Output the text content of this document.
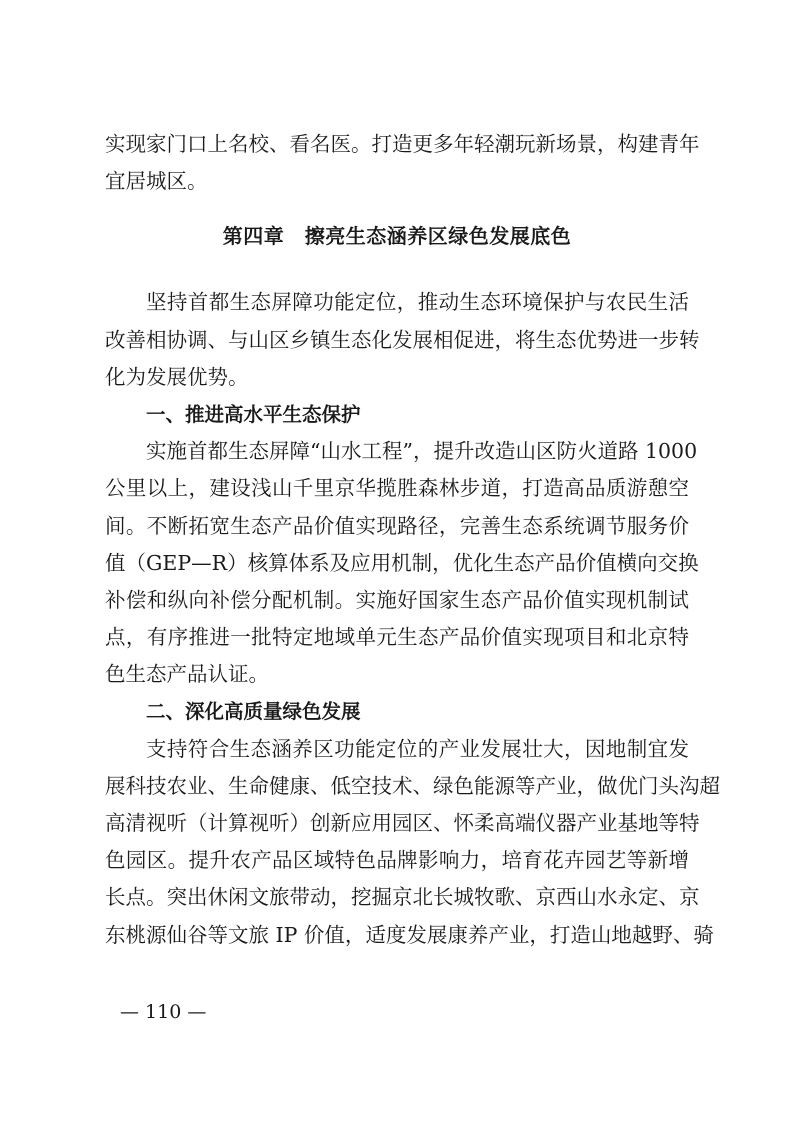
实现家门口上名校、看名医。打造更多年轻潮玩新场景，构建青年
宜居城区。
第四章　擦亮生态涵养区绿色发展底色
坚持首都生态屏障功能定位，推动生态环境保护与农民生活
改善相协调、与山区乡镇生态化发展相促进，将生态优势进一步转
化为发展优势。
一、推进高水平生态保护
实施首都生态屏障“山水工程”，提升改造山区防火道路 1000
公里以上，建设浅山千里京华揽胜森林步道，打造高品质游憩空
间。不断拓宽生态产品价值实现路径，完善生态系统调节服务价
值（GEP—R）核算体系及应用机制，优化生态产品价值横向交换
补偿和纵向补偿分配机制。实施好国家生态产品价值实现机制试
点，有序推进一批特定地域单元生态产品价值实现项目和北京特
色生态产品认证。
二、深化高质量绿色发展
支持符合生态涵养区功能定位的产业发展壮大，因地制宜发
展科技农业、生命健康、低空技术、绿色能源等产业，做优门头沟超
高清视听（计算视听）创新应用园区、怀柔高端仪器产业基地等特
色园区。提升农产品区域特色品牌影响力，培育花卉园艺等新增
长点。突出休闲文旅带动，挖掘京北长城牧歌、京西山水永定、京
东桃源仙谷等文旅 IP 价值，适度发展康养产业，打造山地越野、骑
— 110 —
